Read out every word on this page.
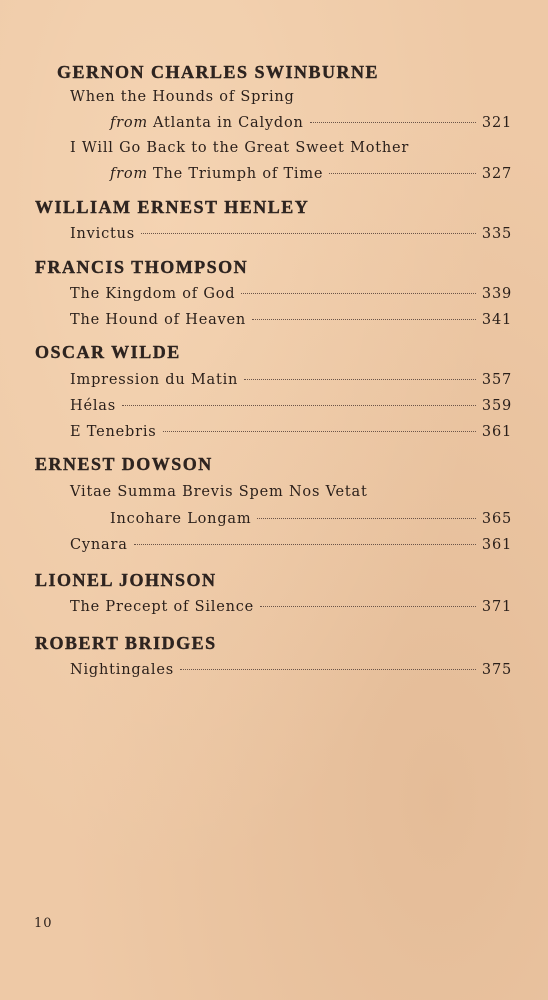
GERNON CHARLES SWINBURNE
When the Hounds of Spring
from Atlanta in Calydon	321
I Will Go Back to the Great Sweet Mother
from The Triumph of Time	327
WILLIAM ERNEST HENLEY
Invictus	335
FRANCIS THOMPSON
The Kingdom of God	339
The Hound of Heaven	341
OSCAR WILDE
Impression du Matin	357
Hélas	359
E Tenebris	361
ERNEST DOWSON
Vitae Summa Brevis Spem Nos Vetat
Incohare Longam	365
Cynara	361
LIONEL JOHNSON
The Precept of Silence	371
ROBERT BRIDGES
Nightingales	375
10
